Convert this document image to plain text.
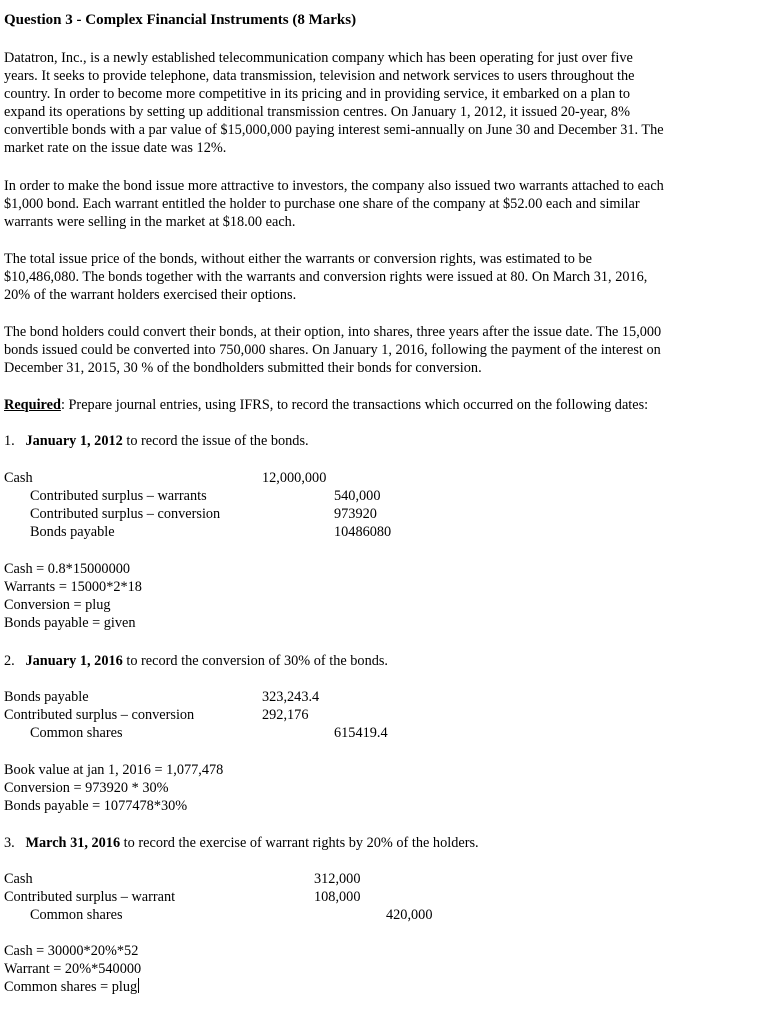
Question 3 - Complex Financial Instruments (8 Marks)
Datatron, Inc., is a newly established telecommunication company which has been operating for just over five
years. It seeks to provide telephone, data transmission, television and network services to users throughout the
country. In order to become more competitive in its pricing and in providing service, it embarked on a plan to
expand its operations by setting up additional transmission centres. On January 1, 2012, it issued 20-year, 8%
convertible bonds with a par value of $15,000,000 paying interest semi-annually on June 30 and December 31. The
market rate on the issue date was 12%.
In order to make the bond issue more attractive to investors, the company also issued two warrants attached to each
$1,000 bond. Each warrant entitled the holder to purchase one share of the company at $52.00 each and similar
warrants were selling in the market at $18.00 each.
The total issue price of the bonds, without either the warrants or conversion rights, was estimated to be
$10,486,080. The bonds together with the warrants and conversion rights were issued at 80. On March 31, 2016,
20% of the warrant holders exercised their options.
The bond holders could convert their bonds, at their option, into shares, three years after the issue date. The 15,000
bonds issued could be converted into 750,000 shares. On January 1, 2016, following the payment of the interest on
December 31, 2015, 30 % of the bondholders submitted their bonds for conversion.
Required: Prepare journal entries, using IFRS, to record the transactions which occurred on the following dates:
1. January 1, 2012 to record the issue of the bonds.
Cash	12,000,000
Contributed surplus – warrants	540,000
Contributed surplus – conversion	973920
Bonds payable	10486080
Cash = 0.8*15000000
Warrants = 15000*2*18
Conversion = plug
Bonds payable = given
2. January 1, 2016 to record the conversion of 30% of the bonds.
Bonds payable	323,243.4
Contributed surplus – conversion	292,176
Common shares	615419.4
Book value at jan 1, 2016 = 1,077,478
Conversion = 973920 * 30%
Bonds payable = 1077478*30%
3. March 31, 2016 to record the exercise of warrant rights by 20% of the holders.
Cash	312,000
Contributed surplus – warrant	108,000
Common shares	420,000
Cash = 30000*20%*52
Warrant = 20%*540000
Common shares = plug
